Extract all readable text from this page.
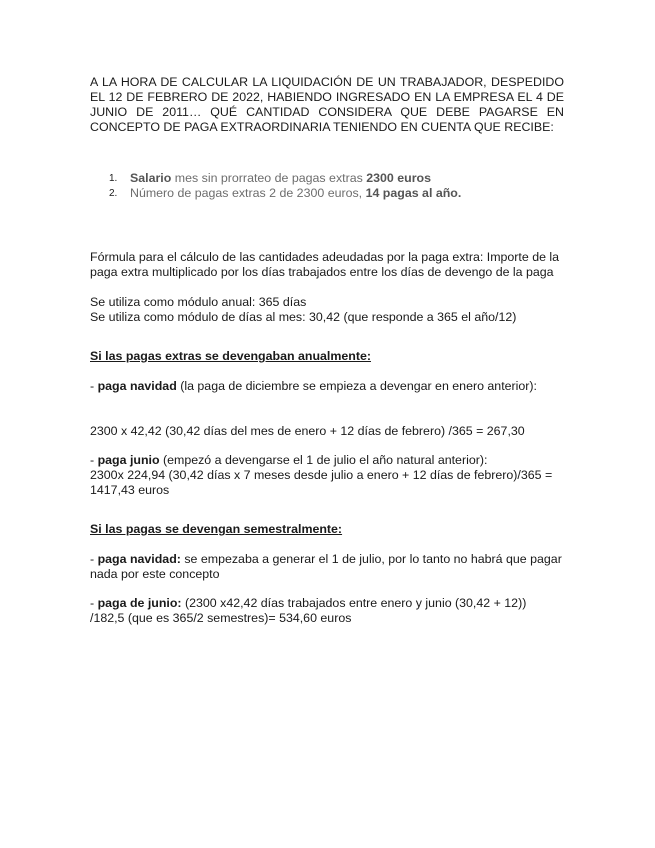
A LA HORA DE CALCULAR LA LIQUIDACIÓN DE UN TRABAJADOR, DESPEDIDO EL 12 DE FEBRERO DE 2022, HABIENDO INGRESADO EN LA EMPRESA EL 4 DE JUNIO DE 2011… QUÉ CANTIDAD CONSIDERA QUE DEBE PAGARSE EN CONCEPTO DE PAGA EXTRAORDINARIA TENIENDO EN CUENTA QUE RECIBE:

1. Salario mes sin prorrateo de pagas extras 2300 euros
2. Número de pagas extras 2 de 2300 euros, 14 pagas al año.

Fórmula para el cálculo de las cantidades adeudadas por la paga extra: Importe de la paga extra multiplicado por los días trabajados entre los días de devengo de la paga

Se utiliza como módulo anual: 365 días

Se utiliza como módulo de días al mes: 30,42 (que responde a 365 el año/12)

Si las pagas extras se devengaban anualmente:

- paga navidad (la paga de diciembre se empieza a devengar en enero anterior):

2300 x 42,42 (30,42 días del mes de enero + 12 días de febrero) /365 = 267,30

- paga junio (empezó a devengarse el 1 de julio el año natural anterior):

2300x 224,94 (30,42 días x 7 meses desde julio a enero + 12 días de febrero)/365 = 1417,43 euros

Si las pagas se devengan semestralmente:

- paga navidad: se empezaba a generar el 1 de julio, por lo tanto no habrá que pagar nada por este concepto

- paga de junio: (2300 x42,42 días trabajados entre enero y junio (30,42 + 12)) /182,5 (que es 365/2 semestres)= 534,60 euros
